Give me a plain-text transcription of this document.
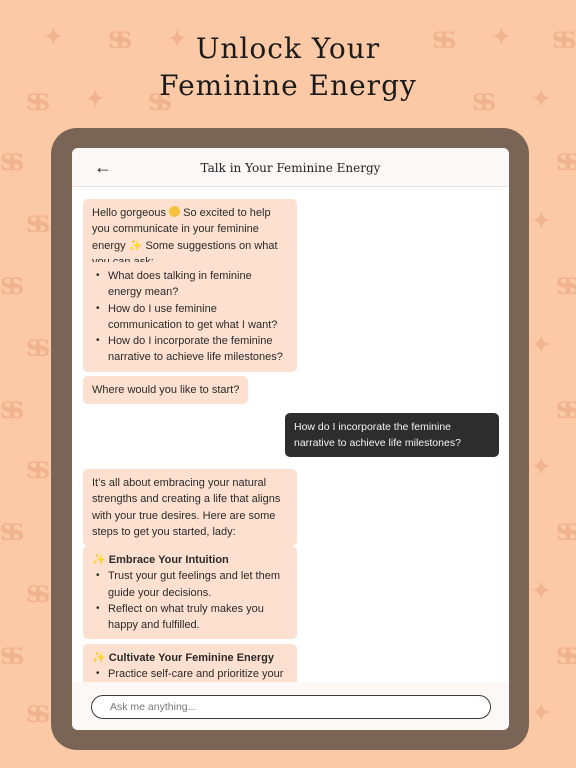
✦ SS ✦	SS ✦ SS
SS ✦ SS	SS ✦
SS	SS
SS	✦
SS	SS
SS	✦
SS	SS
SS	✦
SS	SS
SS	✦
SS	SS
SS	✦
Unlock Your
Feminine Energy
←	Talk in Your Feminine Energy
Hello gorgeous  So excited to help you communicate in your feminine energy ✨ Some suggestions on what
• What does talking in feminine energy mean?
• How do I use feminine communication to get what I want?
• How do I incorporate the feminine narrative to achieve life milestones?
Where would you like to start?
How do I incorporate the feminine narrative to achieve life milestones?
It’s all about embracing your natural strengths and creating a life that aligns with your true desires. Here are some steps to get you started, lady:
✨ Embrace Your Intuition
• Trust your gut feelings and let them guide your decisions.
• Reflect on what truly makes you happy and fulfilled.
✨ Cultivate Your Feminine Energy
• Practice self-care and prioritize your
Ask me anything...
